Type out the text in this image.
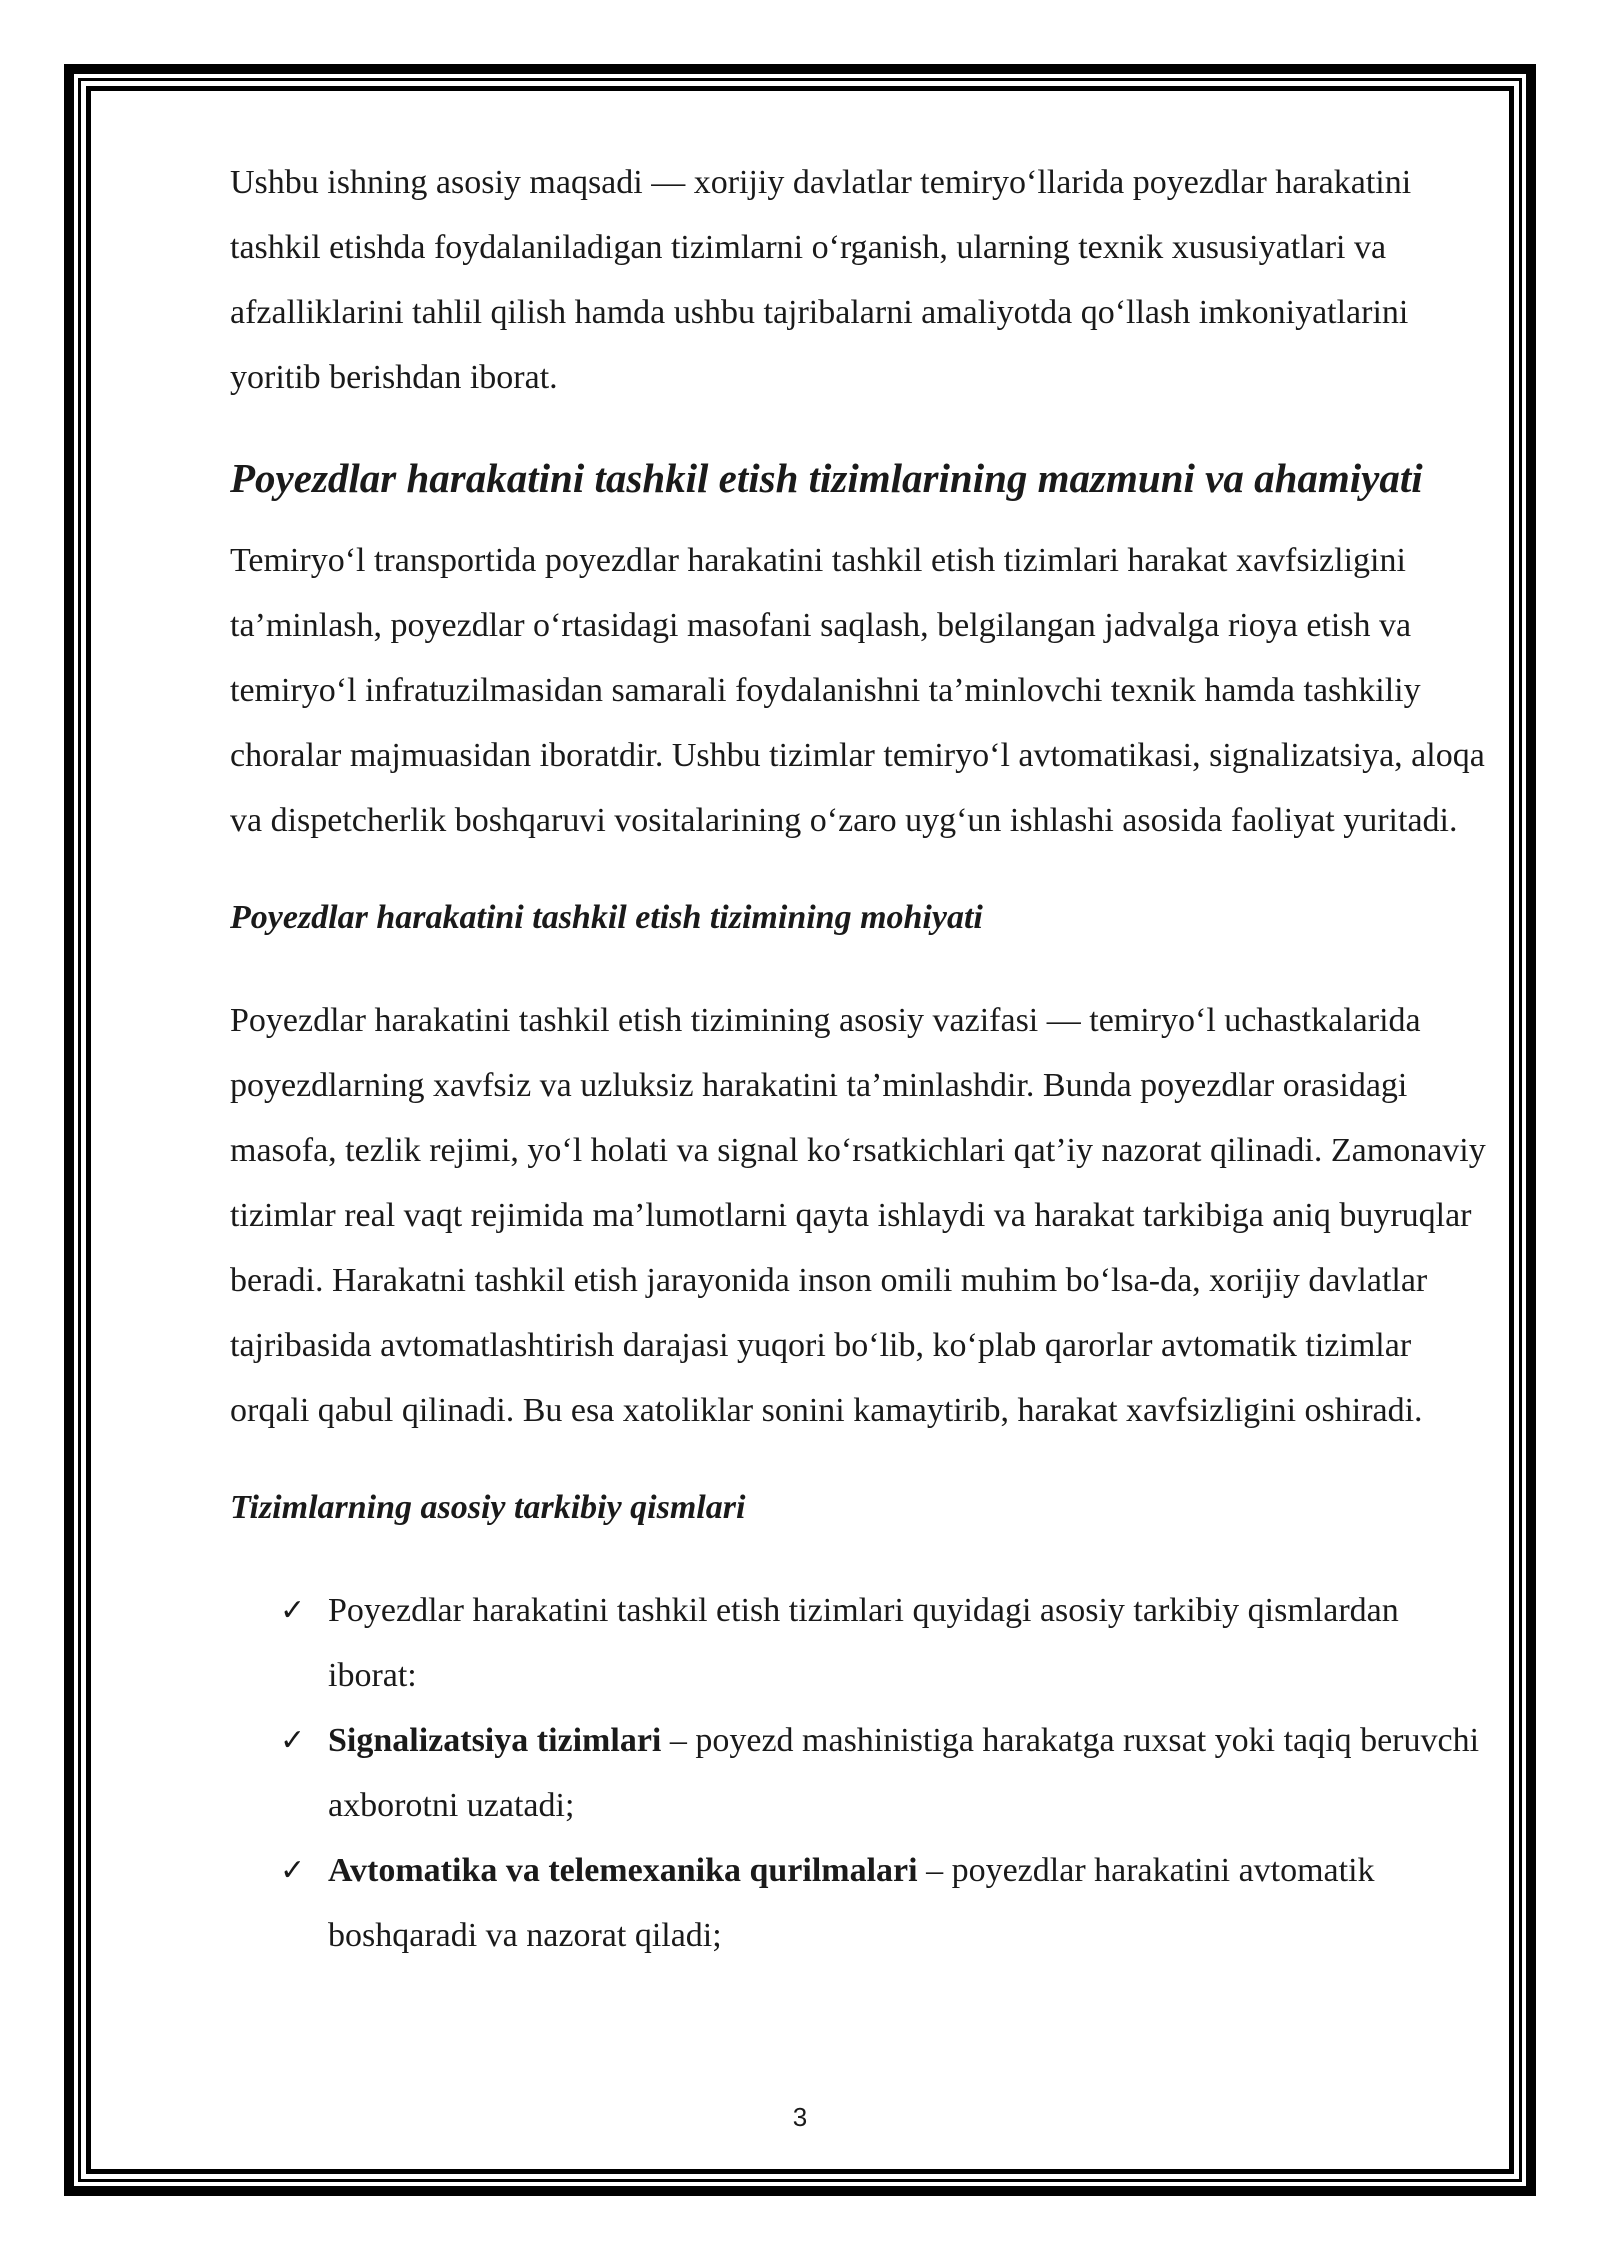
Ushbu ishning asosiy maqsadi — xorijiy davlatlar temiryoʻllarida poyezdlar harakatini tashkil etishda foydalaniladigan tizimlarni oʻrganish, ularning texnik xususiyatlari va afzalliklarini tahlil qilish hamda ushbu tajribalarni amaliyotda qoʻllash imkoniyatlarini yoritib berishdan iborat.

Poyezdlar harakatini tashkil etish tizimlarining mazmuni va ahamiyati

Temiryoʻl transportida poyezdlar harakatini tashkil etish tizimlari harakat xavfsizligini ta’minlash, poyezdlar oʻrtasidagi masofani saqlash, belgilangan jadvalga rioya etish va temiryoʻl infratuzilmasidan samarali foydalanishni ta’minlovchi texnik hamda tashkiliy choralar majmuasidan iboratdir. Ushbu tizimlar temiryoʻl avtomatikasi, signalizatsiya, aloqa va dispetcherlik boshqaruvi vositalarining oʻzaro uygʻun ishlashi asosida faoliyat yuritadi.

Poyezdlar harakatini tashkil etish tizimining mohiyati

Poyezdlar harakatini tashkil etish tizimining asosiy vazifasi — temiryoʻl uchastkalarida poyezdlarning xavfsiz va uzluksiz harakatini ta’minlashdir. Bunda poyezdlar orasidagi masofa, tezlik rejimi, yoʻl holati va signal koʻrsatkichlari qat’iy nazorat qilinadi. Zamonaviy tizimlar real vaqt rejimida ma’lumotlarni qayta ishlaydi va harakat tarkibiga aniq buyruqlar beradi. Harakatni tashkil etish jarayonida inson omili muhim boʻlsa-da, xorijiy davlatlar tajribasida avtomatlashtirish darajasi yuqori boʻlib, koʻplab qarorlar avtomatik tizimlar orqali qabul qilinadi. Bu esa xatoliklar sonini kamaytirib, harakat xavfsizligini oshiradi.

Tizimlarning asosiy tarkibiy qismlari
✓ Poyezdlar harakatini tashkil etish tizimlari quyidagi asosiy tarkibiy qismlardan iborat:
✓ Signalizatsiya tizimlari – poyezd mashinistiga harakatga ruxsat yoki taqiq beruvchi axborotni uzatadi;
✓ Avtomatika va telemexanika qurilmalari – poyezdlar harakatini avtomatik boshqaradi va nazorat qiladi;
3
